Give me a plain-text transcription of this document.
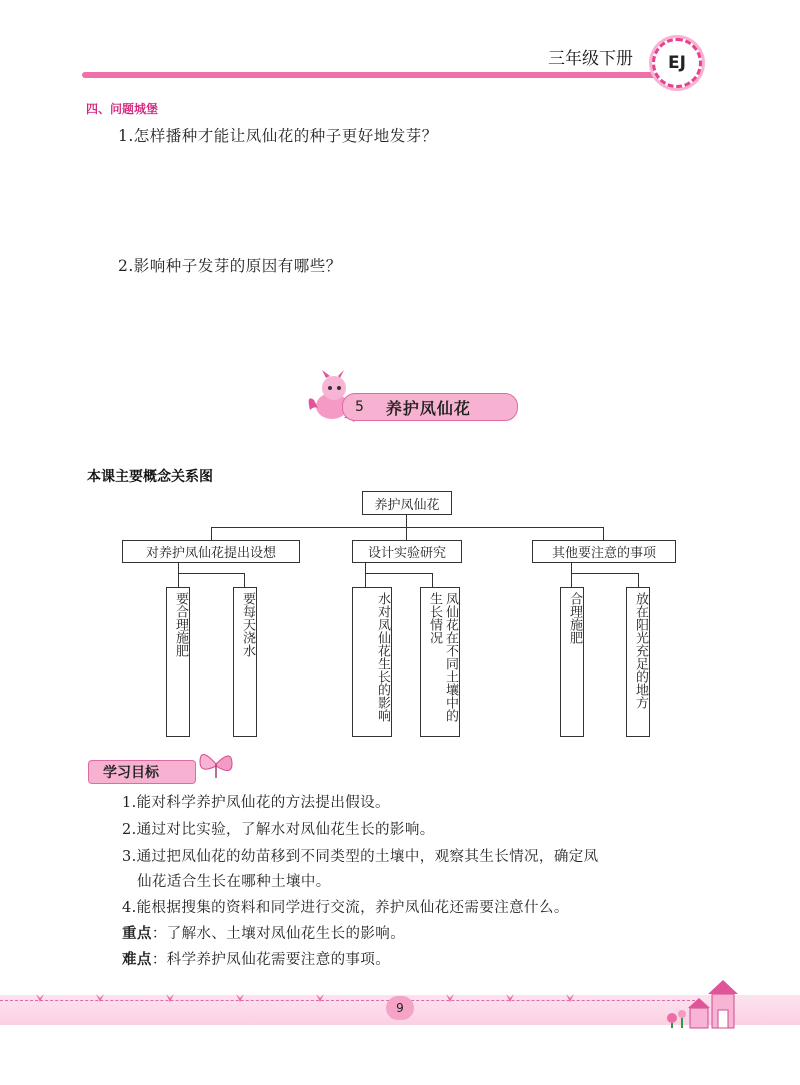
三年级下册 EJ
四、问题城堡
1.怎样播种才能让凤仙花的种子更好地发芽？
2.影响种子发芽的原因有哪些？
5 养护凤仙花
本课主要概念关系图
养护凤仙花
对养护凤仙花提出设想	设计实验研究	其他要注意的事项
要合理施肥	要每天浇水	水对凤仙花生长的影响	凤仙花在不同土壤中的生长情况	合理施肥	放在阳光充足的地方
学习目标
1.能对科学养护凤仙花的方法提出假设。
2.通过对比实验，了解水对凤仙花生长的影响。
3.通过把凤仙花的幼苗移到不同类型的土壤中，观察其生长情况，确定凤
仙花适合生长在哪种土壤中。
4.能根据搜集的资料和同学进行交流，养护凤仙花还需要注意什么。
重点：了解水、土壤对凤仙花生长的影响。
难点：科学养护凤仙花需要注意的事项。
9
